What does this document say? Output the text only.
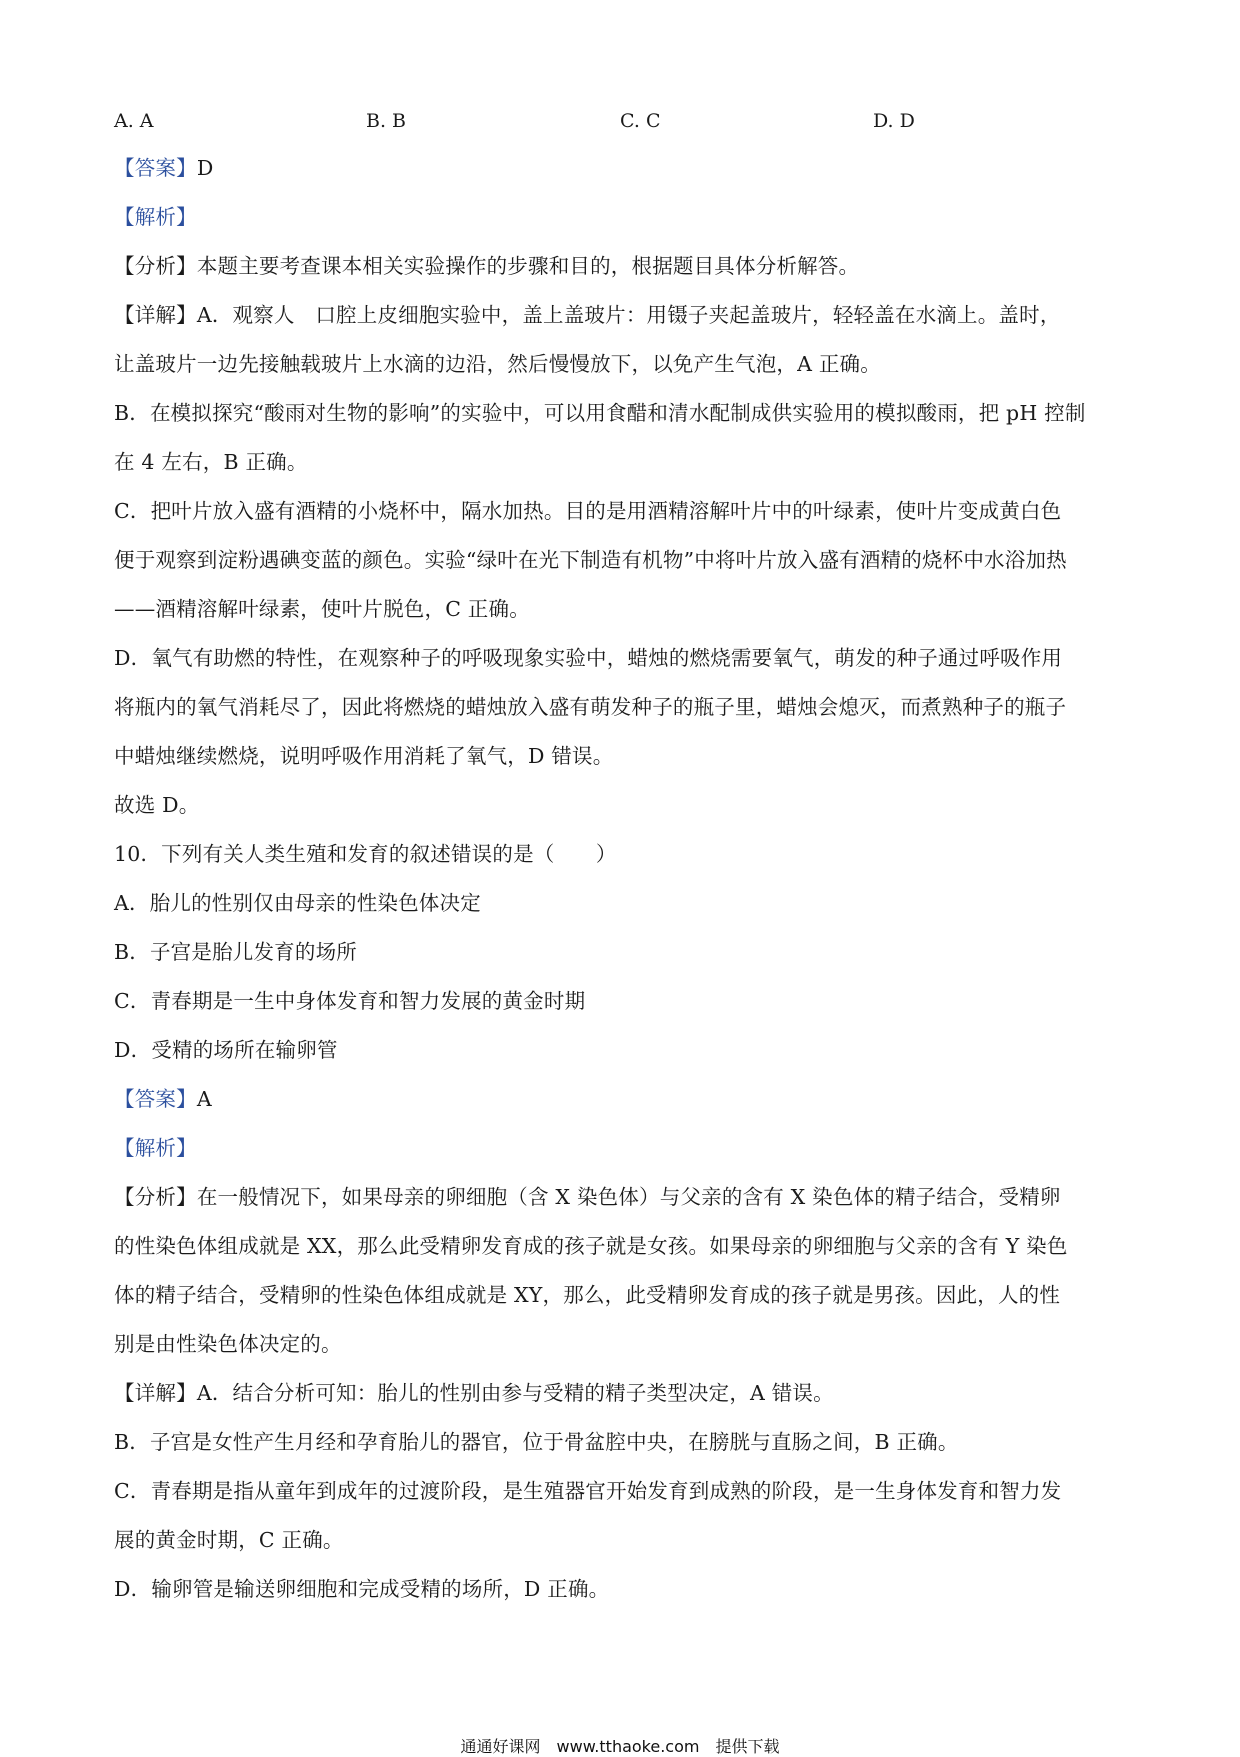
A. A	B. B	C. C	D. D
【答案】D
【解析】
【分析】本题主要考查课本相关实验操作的步骤和目的，根据题目具体分析解答。
【详解】A．观察人　口腔上皮细胞实验中，盖上盖玻片：用镊子夹起盖玻片，轻轻盖在水滴上。盖时，
让盖玻片一边先接触载玻片上水滴的边沿，然后慢慢放下，以免产生气泡，A 正确。
B．在模拟探究“酸雨对生物的影响”的实验中，可以用食醋和清水配制成供实验用的模拟酸雨，把 pH 控制
在 4 左右，B 正确。
C．把叶片放入盛有酒精的小烧杯中，隔水加热。目的是用酒精溶解叶片中的叶绿素，使叶片变成黄白色
便于观察到淀粉遇碘变蓝的颜色。实验“绿叶在光下制造有机物”中将叶片放入盛有酒精的烧杯中水浴加热
——酒精溶解叶绿素，使叶片脱色，C 正确。
D．氧气有助燃的特性，在观察种子的呼吸现象实验中，蜡烛的燃烧需要氧气，萌发的种子通过呼吸作用
将瓶内的氧气消耗尽了，因此将燃烧的蜡烛放入盛有萌发种子的瓶子里，蜡烛会熄灭，而煮熟种子的瓶子
中蜡烛继续燃烧，说明呼吸作用消耗了氧气，D 错误。
故选 D。
10．下列有关人类生殖和发育的叙述错误的是（　　）
A．胎儿的性别仅由母亲的性染色体决定
B．子宫是胎儿发育的场所
C．青春期是一生中身体发育和智力发展的黄金时期
D．受精的场所在输卵管
【答案】A
【解析】
【分析】在一般情况下，如果母亲的卵细胞（含 X 染色体）与父亲的含有 X 染色体的精子结合，受精卵
的性染色体组成就是 XX，那么此受精卵发育成的孩子就是女孩。如果母亲的卵细胞与父亲的含有 Y 染色
体的精子结合，受精卵的性染色体组成就是 XY，那么，此受精卵发育成的孩子就是男孩。因此，人的性
别是由性染色体决定的。
【详解】A．结合分析可知：胎儿的性别由参与受精的精子类型决定，A 错误。
B．子宫是女性产生月经和孕育胎儿的器官，位于骨盆腔中央，在膀胱与直肠之间，B 正确。
C．青春期是指从童年到成年的过渡阶段，是生殖器官开始发育到成熟的阶段，是一生身体发育和智力发
展的黄金时期，C 正确。
D．输卵管是输送卵细胞和完成受精的场所，D 正确。
通通好课网　www.tthaoke.com　提供下载
